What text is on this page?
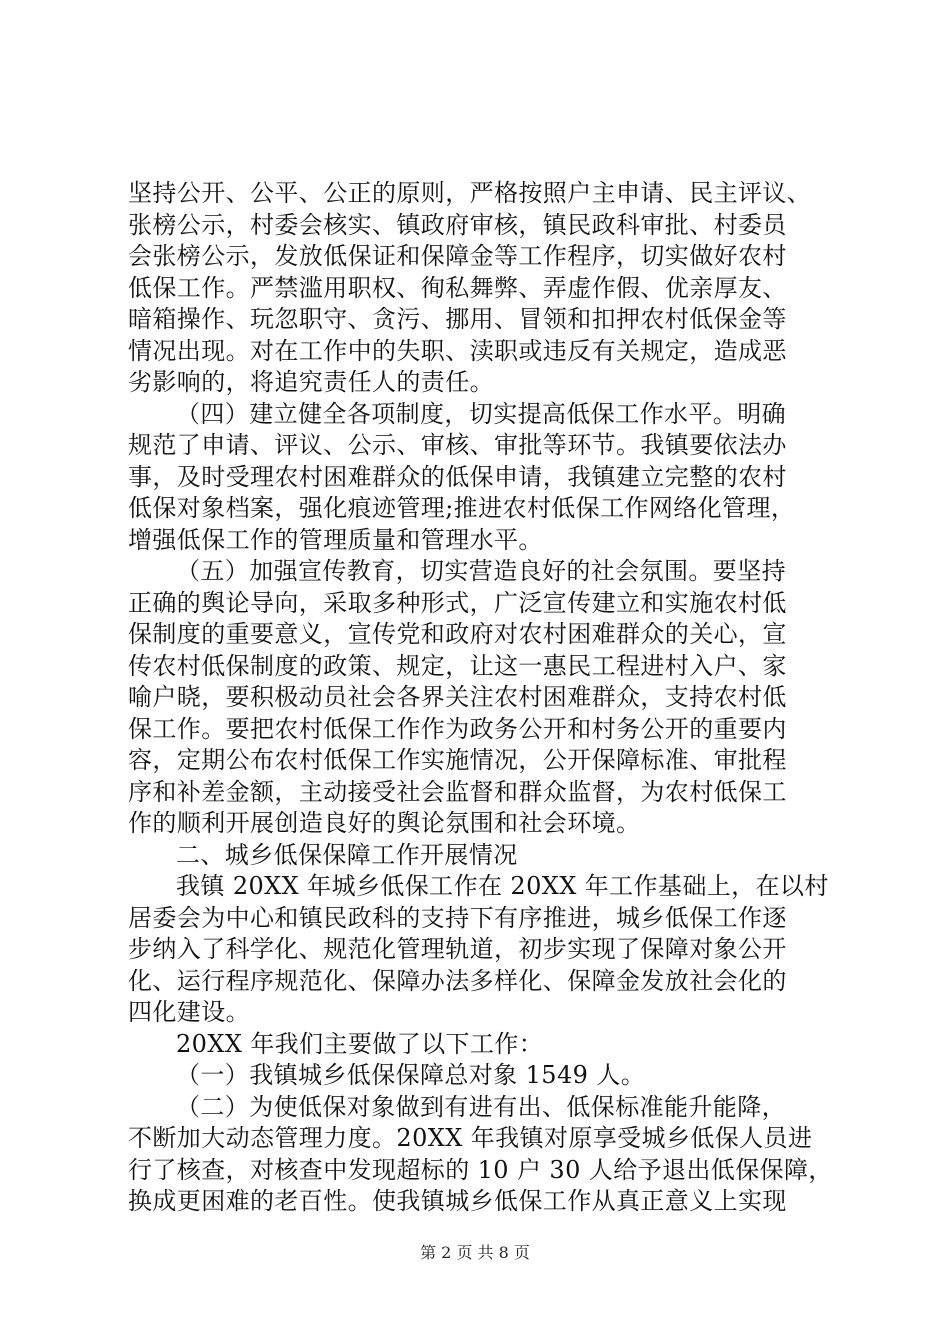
坚持公开、公平、公正的原则，严格按照户主申请、民主评议、
张榜公示，村委会核实、镇政府审核，镇民政科审批、村委员
会张榜公示，发放低保证和保障金等工作程序，切实做好农村
低保工作。严禁滥用职权、徇私舞弊、弄虚作假、优亲厚友、
暗箱操作、玩忽职守、贪污、挪用、冒领和扣押农村低保金等
情况出现。对在工作中的失职、渎职或违反有关规定，造成恶
劣影响的，将追究责任人的责任。
（四）建立健全各项制度，切实提高低保工作水平。明确
规范了申请、评议、公示、审核、审批等环节。我镇要依法办
事，及时受理农村困难群众的低保申请，我镇建立完整的农村
低保对象档案，强化痕迹管理;推进农村低保工作网络化管理，
增强低保工作的管理质量和管理水平。
（五）加强宣传教育，切实营造良好的社会氛围。要坚持
正确的舆论导向，采取多种形式，广泛宣传建立和实施农村低
保制度的重要意义，宣传党和政府对农村困难群众的关心，宣
传农村低保制度的政策、规定，让这一惠民工程进村入户、家
喻户晓，要积极动员社会各界关注农村困难群众，支持农村低
保工作。要把农村低保工作作为政务公开和村务公开的重要内
容，定期公布农村低保工作实施情况，公开保障标准、审批程
序和补差金额，主动接受社会监督和群众监督，为农村低保工
作的顺利开展创造良好的舆论氛围和社会环境。
二、城乡低保保障工作开展情况
我镇 20XX 年城乡低保工作在 20XX 年工作基础上，在以村
居委会为中心和镇民政科的支持下有序推进，城乡低保工作逐
步纳入了科学化、规范化管理轨道，初步实现了保障对象公开
化、运行程序规范化、保障办法多样化、保障金发放社会化的
四化建设。
20XX 年我们主要做了以下工作：
（一）我镇城乡低保保障总对象 1549 人。
（二）为使低保对象做到有进有出、低保标准能升能降，
不断加大动态管理力度。20XX 年我镇对原享受城乡低保人员进
行了核查，对核查中发现超标的 10 户 30 人给予退出低保保障，
换成更困难的老百性。使我镇城乡低保工作从真正意义上实现
第 2 页 共 8 页
